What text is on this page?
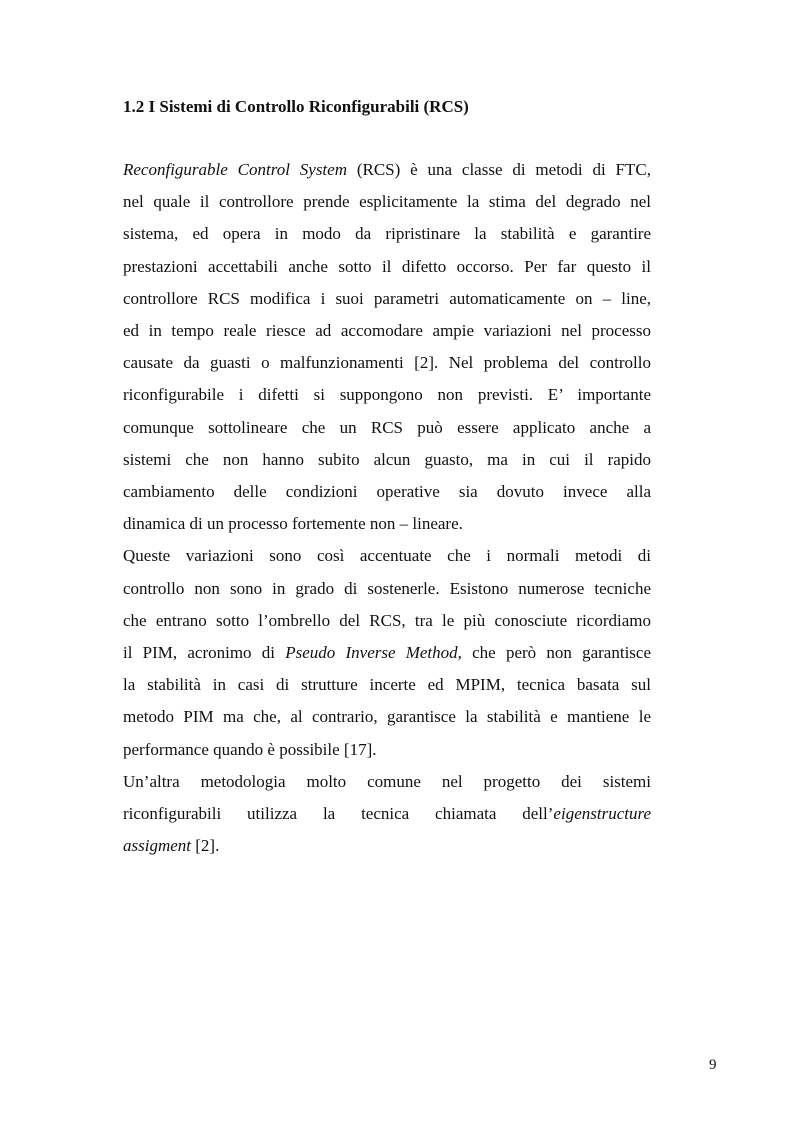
1.2 I Sistemi di Controllo Riconfigurabili (RCS)

Reconfigurable Control System (RCS) è una classe di metodi di FTC,
nel quale il controllore prende esplicitamente la stima del degrado nel
sistema, ed opera in modo da ripristinare la stabilità e garantire
prestazioni accettabili anche sotto il difetto occorso. Per far questo il
controllore RCS modifica i suoi parametri automaticamente on – line,
ed in tempo reale riesce ad accomodare ampie variazioni nel processo
causate da guasti o malfunzionamenti [2]. Nel problema del controllo
riconfigurabile i difetti si suppongono non previsti. E’ importante
comunque sottolineare che un RCS può essere applicato anche a
sistemi che non hanno subito alcun guasto, ma in cui il rapido
cambiamento delle condizioni operative sia dovuto invece alla
dinamica di un processo fortemente non – lineare.

Queste variazioni sono così accentuate che i normali metodi di
controllo non sono in grado di sostenerle. Esistono numerose tecniche
che entrano sotto l’ombrello del RCS, tra le più conosciute ricordiamo
il PIM, acronimo di Pseudo Inverse Method, che però non garantisce
la stabilità in casi di strutture incerte ed MPIM, tecnica basata sul
metodo PIM ma che, al contrario, garantisce la stabilità e mantiene le
performance quando è possibile [17].

Un’altra metodologia molto comune nel progetto dei sistemi
riconfigurabili utilizza la tecnica chiamata dell’eigenstructure
assigment [2].

9
